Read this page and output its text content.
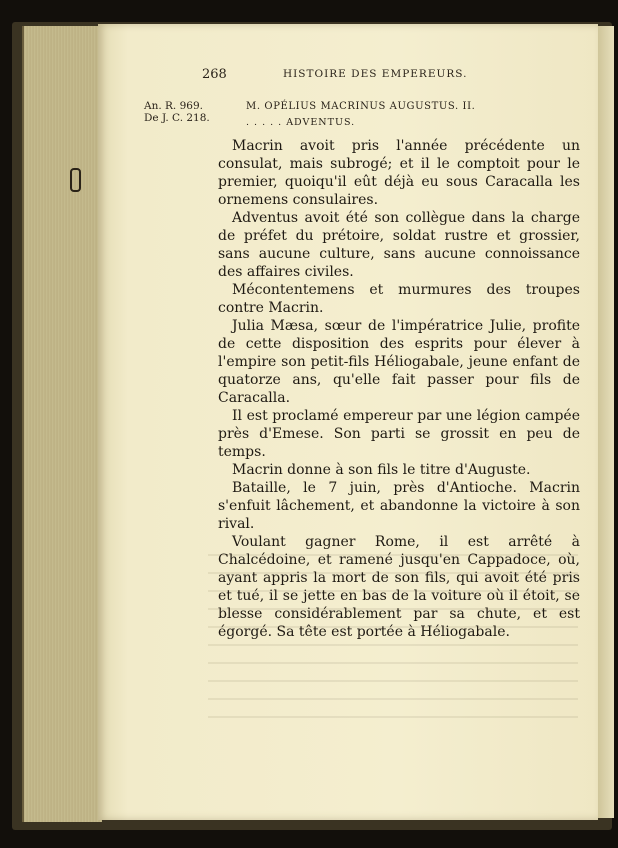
268	HISTOIRE DES EMPEREURS.
An. R. 969.
De J. C. 218.
M. OPÉLIUS MACRINUS AUGUSTUS. II.
. . . . . ADVENTUS.

Macrin avoit pris l'année précédente un consulat, mais subrogé; et il le comptoit pour le premier, quoiqu'il eût déjà eu sous Caracalla les ornemens consulaires.

Adventus avoit été son collègue dans la charge de préfet du prétoire, soldat rustre et grossier, sans aucune culture, sans aucune connoissance des affaires civiles.

Mécontentemens et murmures des troupes contre Macrin.

Julia Mæsa, sœur de l'impératrice Julie, profite de cette disposition des esprits pour élever à l'empire son petit-fils Héliogabale, jeune enfant de quatorze ans, qu'elle fait passer pour fils de Caracalla.

Il est proclamé empereur par une légion campée près d'Emese. Son parti se grossit en peu de temps.

Macrin donne à son fils le titre d'Auguste.

Bataille, le 7 juin, près d'Antioche. Macrin s'enfuit lâchement, et abandonne la victoire à son rival.

Voulant gagner Rome, il est arrêté à Chalcédoine, et ramené jusqu'en Cappadoce, où, ayant appris la mort de son fils, qui avoit été pris et tué, il se jette en bas de la voiture où il étoit, se blesse considérablement par sa chute, et est égorgé. Sa tête est portée à Héliogabale.
